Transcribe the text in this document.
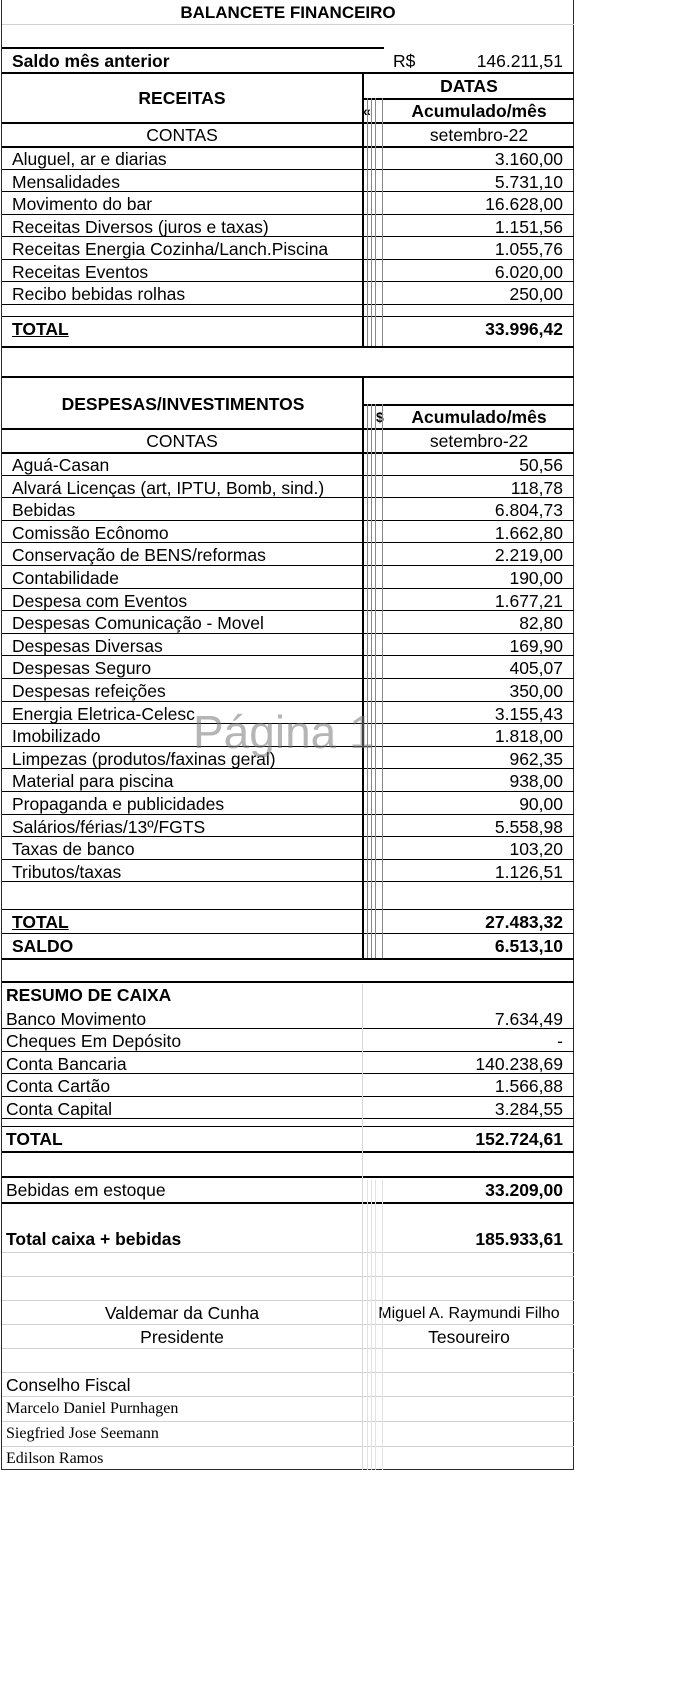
BALANCETE FINANCEIRO
Saldo mês anterior	R$	146.211,51
RECEITAS
DATAS
«	Acumulado/mês
CONTAS	setembro-22
Aluguel, ar e diarias	3.160,00
Mensalidades	5.731,10
Movimento do bar	16.628,00
Receitas Diversos (juros e taxas)	1.151,56
Receitas Energia Cozinha/Lanch.Piscina	1.055,76
Receitas Eventos	6.020,00
Recibo bebidas rolhas	250,00
TOTAL	33.996,42
DESPESAS/INVESTIMENTOS
$	Acumulado/mês
CONTAS	setembro-22
Aguá-Casan	50,56
Alvará Licenças (art, IPTU, Bomb, sind.)	118,78
Bebidas	6.804,73
Comissão Ecônomo	1.662,80
Conservação de BENS/reformas	2.219,00
Contabilidade	190,00
Despesa com Eventos	1.677,21
Despesas Comunicação - Movel	82,80
Despesas Diversas	169,90
Despesas Seguro	405,07
Despesas refeições	350,00
Energia Eletrica-Celesc	3.155,43
Imobilizado	1.818,00
Limpezas (produtos/faxinas geral)	962,35
Material para piscina	938,00
Propaganda e publicidades	90,00
Salários/férias/13º/FGTS	5.558,98
Taxas de banco	103,20
Tributos/taxas	1.126,51
TOTAL	27.483,32
SALDO	6.513,10
RESUMO DE CAIXA
Banco Movimento	7.634,49
Cheques Em Depósito	-
Conta Bancaria	140.238,69
Conta Cartão	1.566,88
Conta Capital	3.284,55
TOTAL	152.724,61
Bebidas em estoque	33.209,00
Total caixa + bebidas	185.933,61
Valdemar da Cunha	Miguel A. Raymundi Filho
Presidente	Tesoureiro
Conselho Fiscal
Marcelo Daniel Purnhagen
Siegfried Jose Seemann
Edilson Ramos
Página 1
